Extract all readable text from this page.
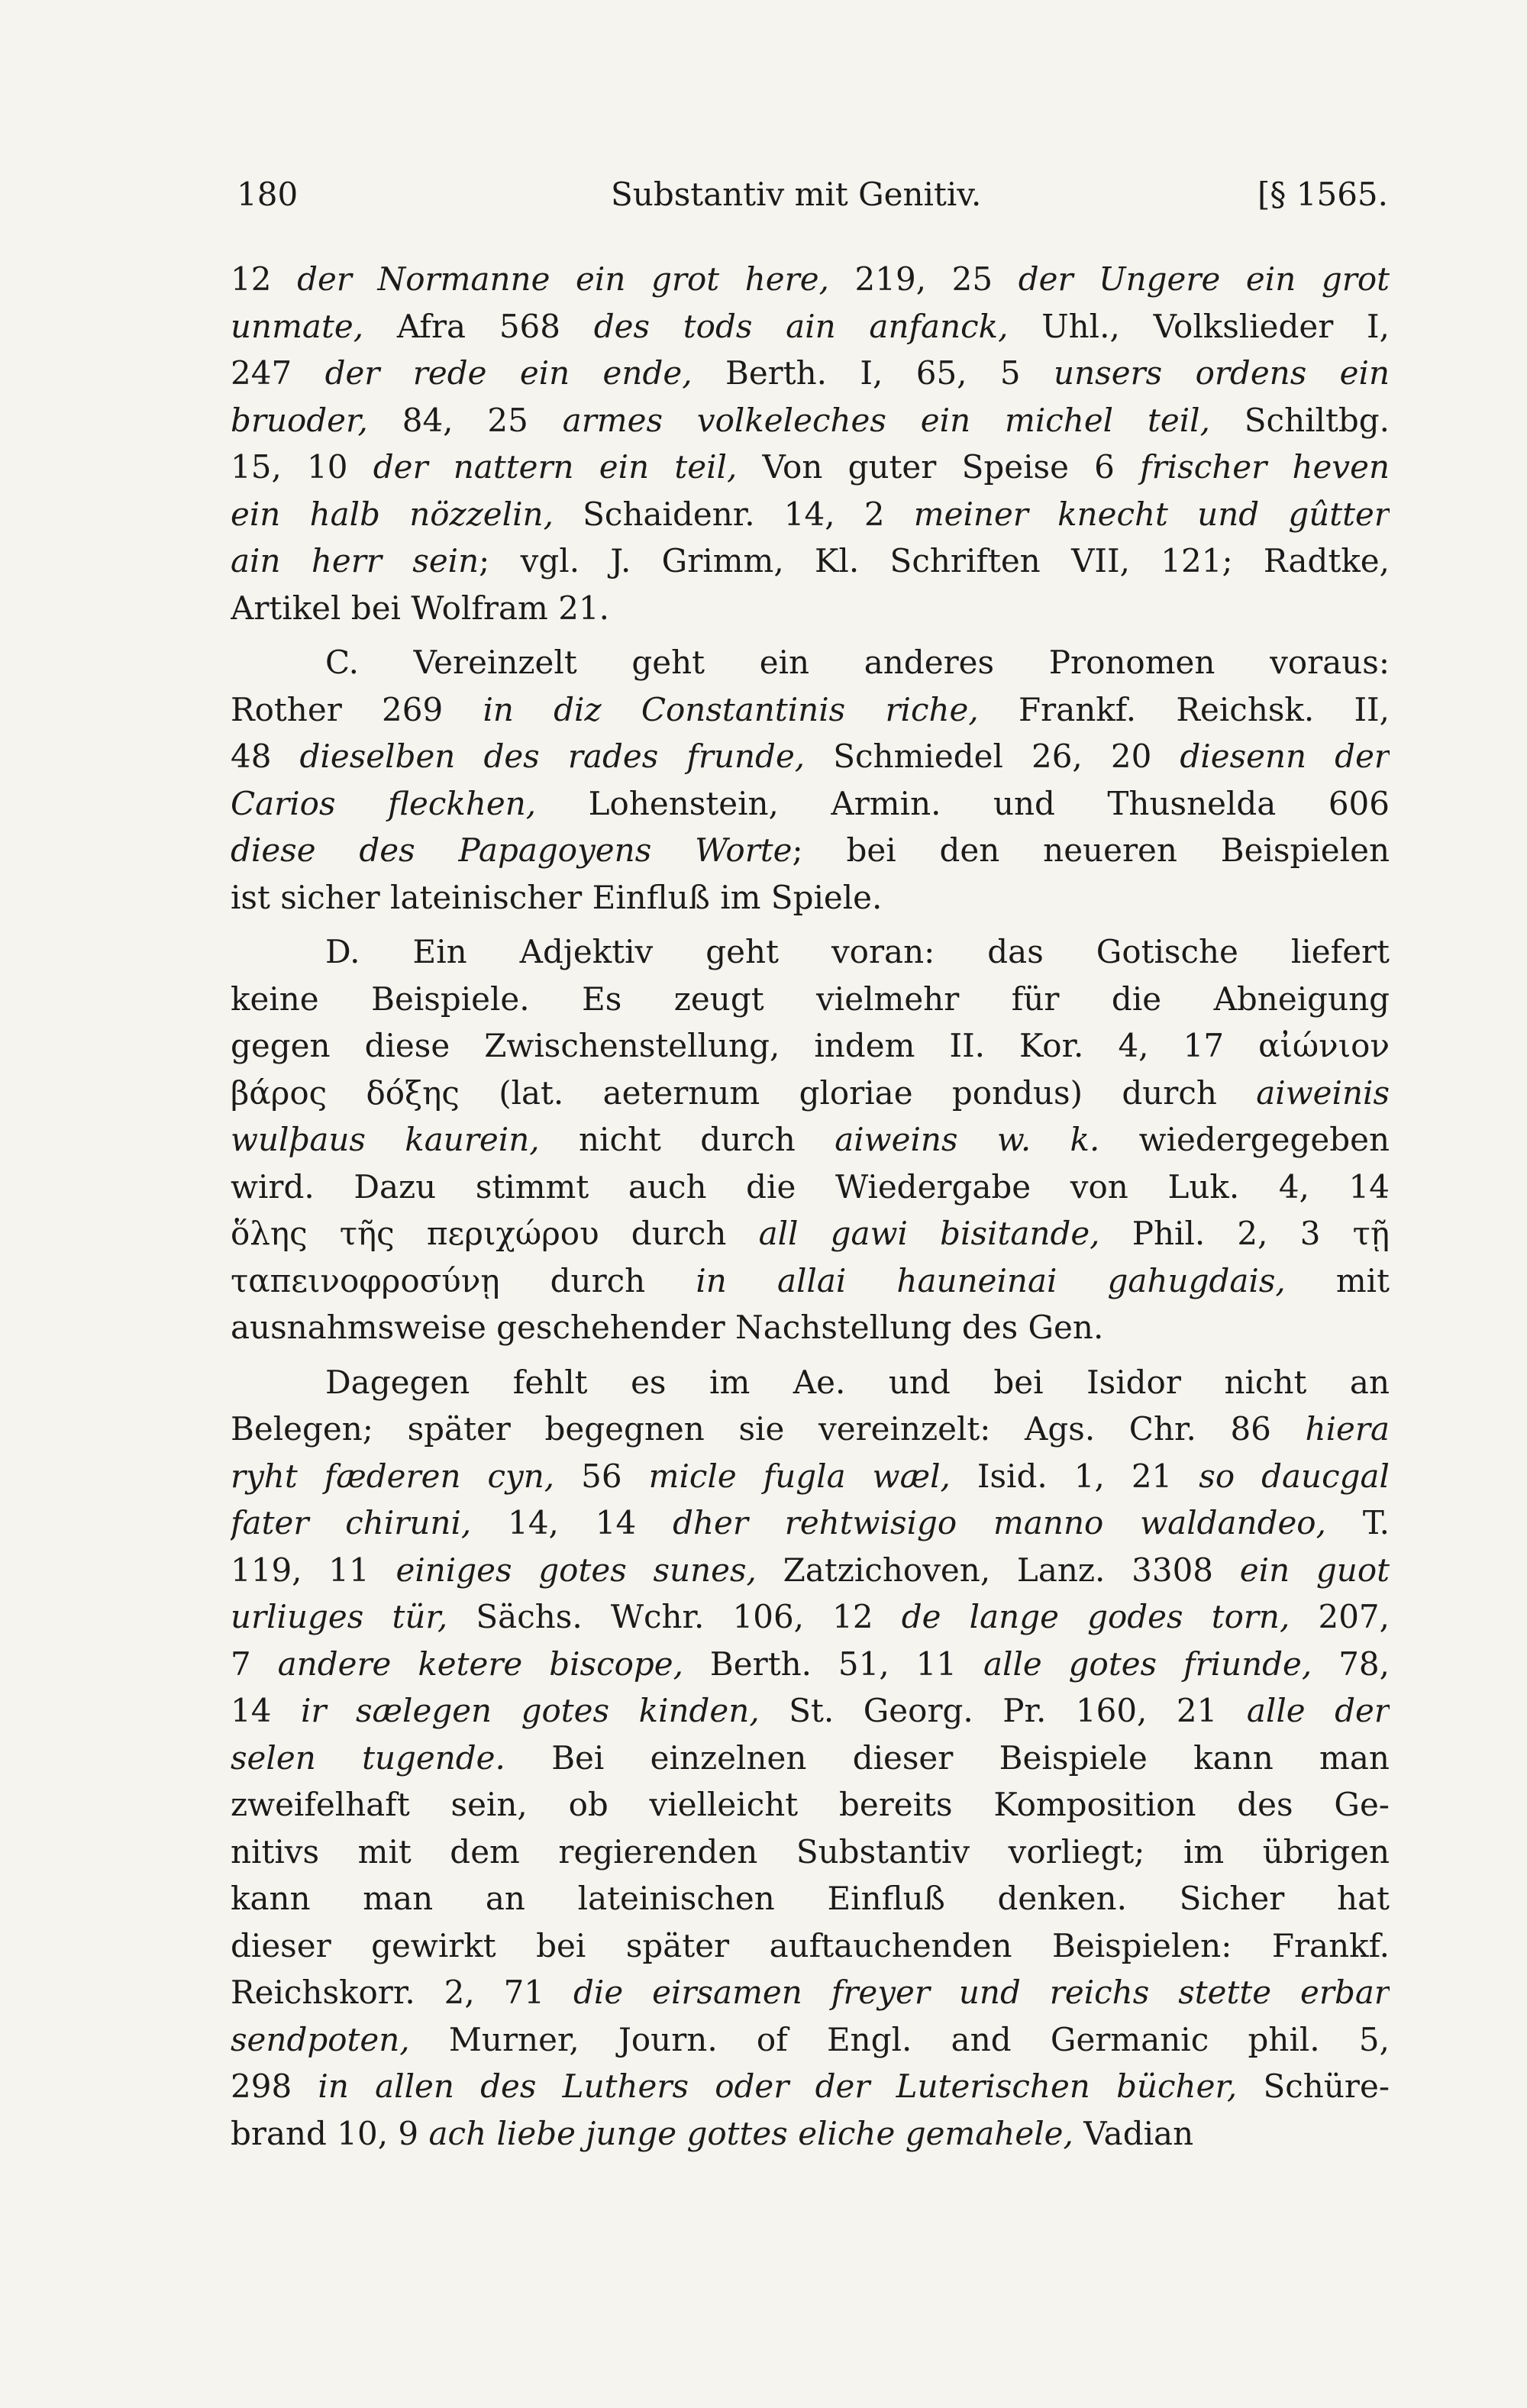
180	Substantiv mit Genitiv.	[§ 1565.
12 der Normanne ein grot here, 219, 25 der Ungere ein grot
unmate, Afra 568 des tods ain anfanck, Uhl., Volkslieder I,
247 der rede ein ende, Berth. I, 65, 5 unsers ordens ein
bruoder, 84, 25 armes volkeleches ein michel teil, Schiltbg.
15, 10 der nattern ein teil, Von guter Speise 6 frischer heven
ein halb nözzelin, Schaidenr. 14, 2 meiner knecht und gûtter
ain herr sein; vgl. J. Grimm, Kl. Schriften VII, 121; Radtke,
Artikel bei Wolfram 21.
C. Vereinzelt geht ein anderes Pronomen voraus:
Rother 269 in diz Constantinis riche, Frankf. Reichsk. II,
48 dieselben des rades frunde, Schmiedel 26, 20 diesenn der
Carios fleckhen, Lohenstein, Armin. und Thusnelda 606
diese des Papagoyens Worte; bei den neueren Beispielen
ist sicher lateinischer Einfluß im Spiele.
D. Ein Adjektiv geht voran: das Gotische liefert
keine Beispiele. Es zeugt vielmehr für die Abneigung
gegen diese Zwischenstellung, indem II. Kor. 4, 17 αἰώνιον
βάρος δόξης (lat. aeternum gloriae pondus) durch aiweinis
wulþaus kaurein, nicht durch aiweins w. k. wiedergegeben
wird. Dazu stimmt auch die Wiedergabe von Luk. 4, 14
ὅλης τῆς περιχώρου durch all gawi bisitande, Phil. 2, 3 τῇ
ταπεινοφροσύνῃ durch in allai hauneinai gahugdais, mit
ausnahmsweise geschehender Nachstellung des Gen.
Dagegen fehlt es im Ae. und bei Isidor nicht an
Belegen; später begegnen sie vereinzelt: Ags. Chr. 86 hiera
ryht fæderen cyn, 56 micle fugla wæl, Isid. 1, 21 so daucgal
fater chiruni, 14, 14 dher rehtwisigo manno waldandeo, T.
119, 11 einiges gotes sunes, Zatzichoven, Lanz. 3308 ein guot
urliuges tür, Sächs. Wchr. 106, 12 de lange godes torn, 207,
7 andere ketere biscope, Berth. 51, 11 alle gotes friunde, 78,
14 ir sælegen gotes kinden, St. Georg. Pr. 160, 21 alle der
selen tugende. Bei einzelnen dieser Beispiele kann man
zweifelhaft sein, ob vielleicht bereits Komposition des Ge-
nitivs mit dem regierenden Substantiv vorliegt; im übrigen
kann man an lateinischen Einfluß denken. Sicher hat
dieser gewirkt bei später auftauchenden Beispielen: Frankf.
Reichskorr. 2, 71 die eirsamen freyer und reichs stette erbar
sendpoten, Murner, Journ. of Engl. and Germanic phil. 5,
298 in allen des Luthers oder der Luterischen bücher, Schüre-
brand 10, 9 ach liebe junge gottes eliche gemahele, Vadian
